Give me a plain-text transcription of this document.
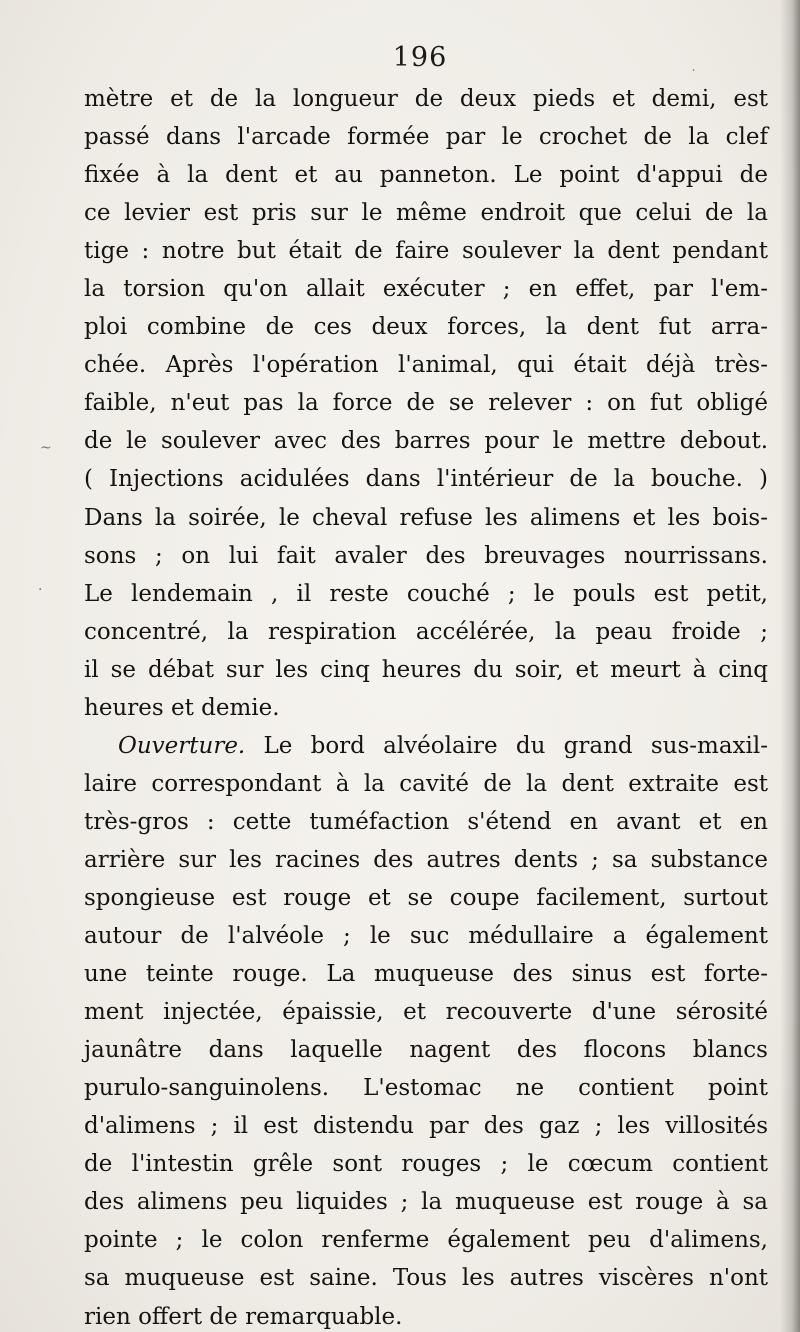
~
·
˙
196
mètre et de la longueur de deux pieds et demi, est
passé dans l'arcade formée par le crochet de la clef
fixée à la dent et au panneton. Le point d'appui de
ce levier est pris sur le même endroit que celui de la
tige : notre but était de faire soulever la dent pendant
la torsion qu'on allait exécuter ; en effet, par l'em-
ploi combine de ces deux forces, la dent fut arra-
chée. Après l'opération l'animal, qui était déjà très-
faible, n'eut pas la force de se relever : on fut obligé
de le soulever avec des barres pour le mettre debout.
( Injections acidulées dans l'intérieur de la bouche. )
Dans la soirée, le cheval refuse les alimens et les bois-
sons ; on lui fait avaler des breuvages nourrissans.
Le lendemain , il reste couché ; le pouls est petit,
concentré, la respiration accélérée, la peau froide ;
il se débat sur les cinq heures du soir, et meurt à cinq
heures et demie.
Ouverture. Le bord alvéolaire du grand sus-maxil-
laire correspondant à la cavité de la dent extraite est
très-gros : cette tuméfaction s'étend en avant et en
arrière sur les racines des autres dents ; sa substance
spongieuse est rouge et se coupe facilement, surtout
autour de l'alvéole ; le suc médullaire a également
une teinte rouge. La muqueuse des sinus est forte-
ment injectée, épaissie, et recouverte d'une sérosité
jaunâtre dans laquelle nagent des flocons blancs
purulo-sanguinolens. L'estomac ne contient point
d'alimens ; il est distendu par des gaz ; les villosités
de l'intestin grêle sont rouges ; le cœcum contient
des alimens peu liquides ; la muqueuse est rouge à sa
pointe ; le colon renferme également peu d'alimens,
sa muqueuse est saine. Tous les autres viscères n'ont
rien offert de remarquable.
